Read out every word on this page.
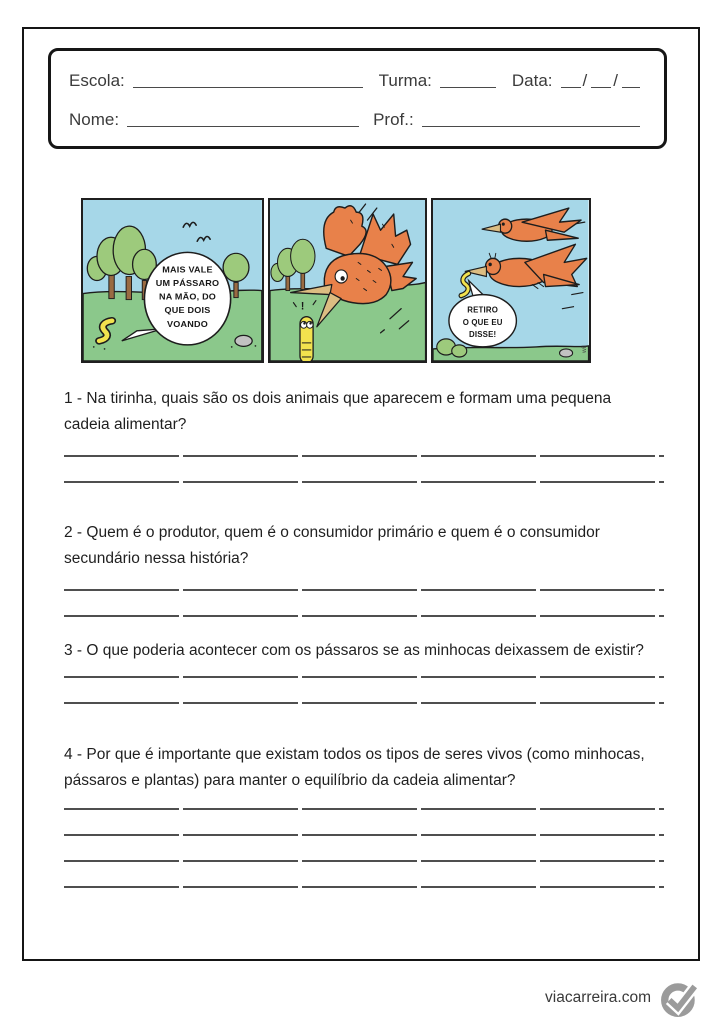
Escola:	Turma:	Data: / /
Nome:	Prof.:
MAIS VALE
UM PÁSSARO
NA MÃO, DO
QUE DOIS
VOANDO
!	RETIRO
O QUE EU
DISSE!
wil

1 - Na tirinha, quais são os dois animais que aparecem e formam uma pequena
cadeia alimentar?

2 - Quem é o produtor, quem é o consumidor primário e quem é o consumidor
secundário nessa história?

3 - O que poderia acontecer com os pássaros se as minhocas deixassem de existir?

4 - Por que é importante que existam todos os tipos de seres vivos (como minhocas,
pássaros e plantas) para manter o equilíbrio da cadeia alimentar?

viacarreira.com
